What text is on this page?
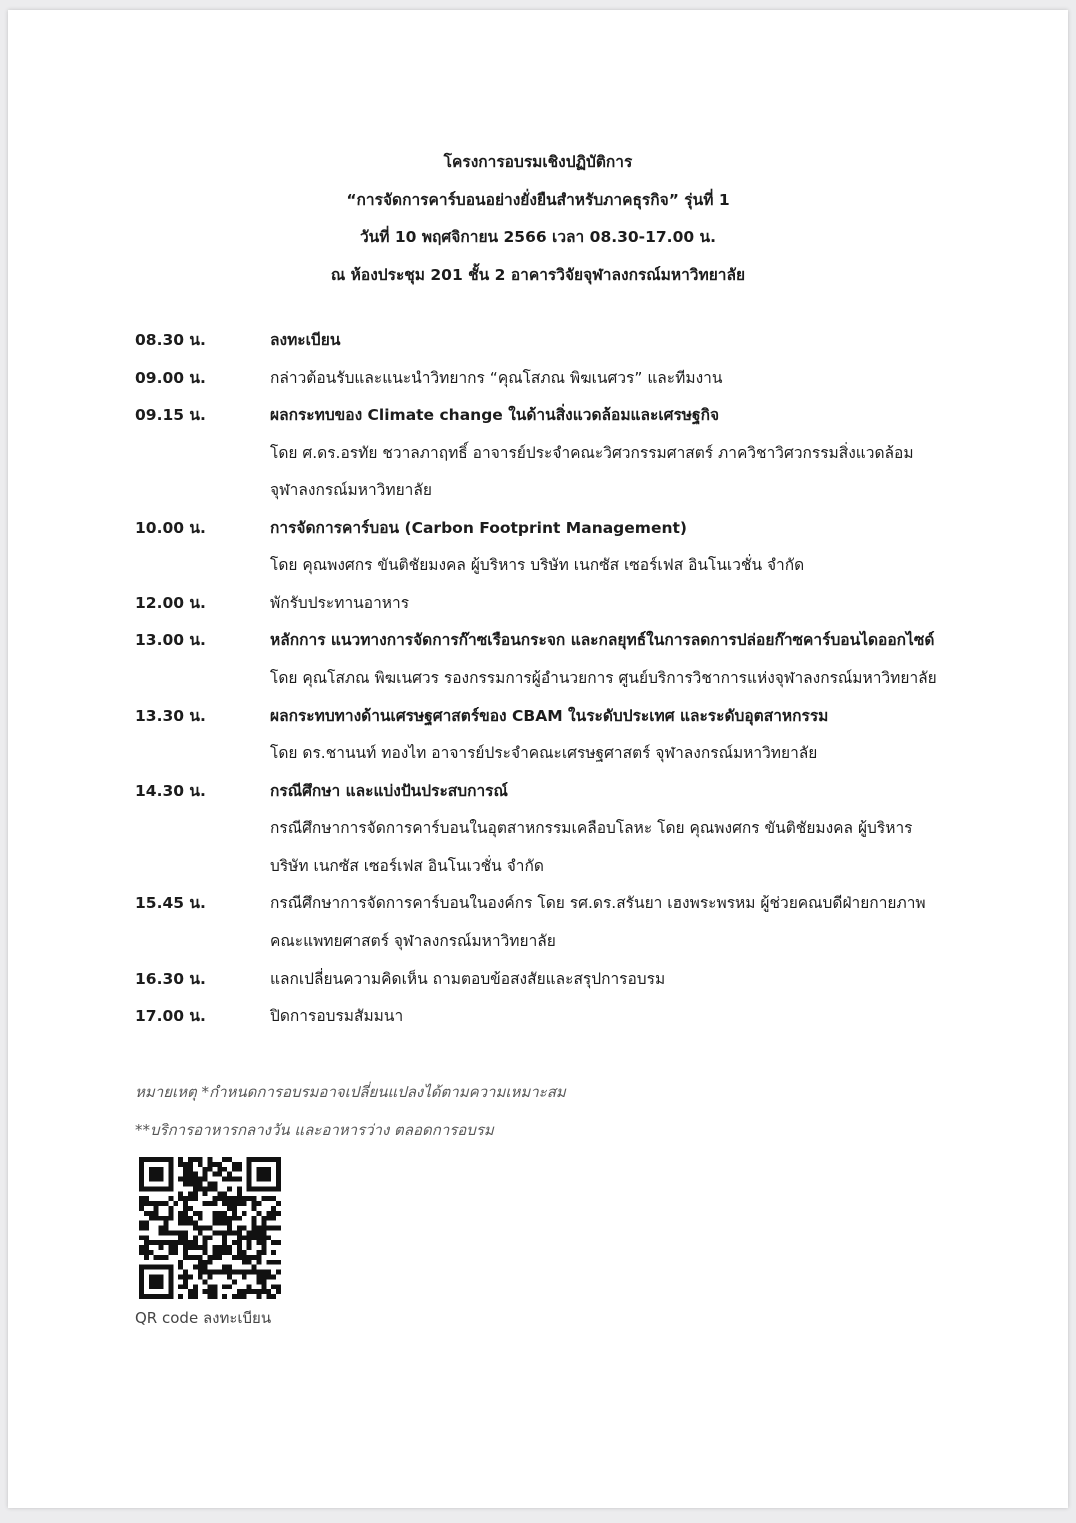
โครงการอบรมเชิงปฏิบัติการ
“การจัดการคาร์บอนอย่างยั่งยืนสำหรับภาคธุรกิจ” รุ่นที่ 1
วันที่ 10 พฤศจิกายน 2566 เวลา 08.30-17.00 น.
ณ ห้องประชุม 201 ชั้น 2 อาคารวิจัยจุฬาลงกรณ์มหาวิทยาลัย
08.30 น.	ลงทะเบียน
09.00 น.	กล่าวต้อนรับและแนะนำวิทยากร “คุณโสภณ พิฆเนศวร” และทีมงาน
09.15 น.	ผลกระทบของ Climate change ในด้านสิ่งแวดล้อมและเศรษฐกิจ
โดย ศ.ดร.อรทัย ชวาลภาฤทธิ์ อาจารย์ประจำคณะวิศวกรรมศาสตร์ ภาควิชาวิศวกรรมสิ่งแวดล้อม
จุฬาลงกรณ์มหาวิทยาลัย
10.00 น.	การจัดการคาร์บอน (Carbon Footprint Management)
โดย คุณพงศกร ขันติชัยมงคล ผู้บริหาร บริษัท เนกซัส เซอร์เฟส อินโนเวชั่น จำกัด
12.00 น.	พักรับประทานอาหาร
13.00 น.	หลักการ แนวทางการจัดการก๊าซเรือนกระจก และกลยุทธ์ในการลดการปล่อยก๊าซคาร์บอนไดออกไซด์
โดย คุณโสภณ พิฆเนศวร รองกรรมการผู้อำนวยการ ศูนย์บริการวิชาการแห่งจุฬาลงกรณ์มหาวิทยาลัย
13.30 น.	ผลกระทบทางด้านเศรษฐศาสตร์ของ CBAM ในระดับประเทศ และระดับอุตสาหกรรม
โดย ดร.ชานนท์ ทองไท อาจารย์ประจำคณะเศรษฐศาสตร์ จุฬาลงกรณ์มหาวิทยาลัย
14.30 น.	กรณีศึกษา และแบ่งปันประสบการณ์
กรณีศึกษาการจัดการคาร์บอนในอุตสาหกรรมเคลือบโลหะ โดย คุณพงศกร ขันติชัยมงคล ผู้บริหาร
บริษัท เนกซัส เซอร์เฟส อินโนเวชั่น จำกัด
15.45 น.	กรณีศึกษาการจัดการคาร์บอนในองค์กร โดย รศ.ดร.สรันยา เฮงพระพรหม ผู้ช่วยคณบดีฝ่ายกายภาพ
คณะแพทยศาสตร์ จุฬาลงกรณ์มหาวิทยาลัย
16.30 น.	แลกเปลี่ยนความคิดเห็น ถามตอบข้อสงสัยและสรุปการอบรม
17.00 น.	ปิดการอบรมสัมมนา
หมายเหตุ *กำหนดการอบรมอาจเปลี่ยนแปลงได้ตามความเหมาะสม
**บริการอาหารกลางวัน และอาหารว่าง ตลอดการอบรม
QR code ลงทะเบียน
